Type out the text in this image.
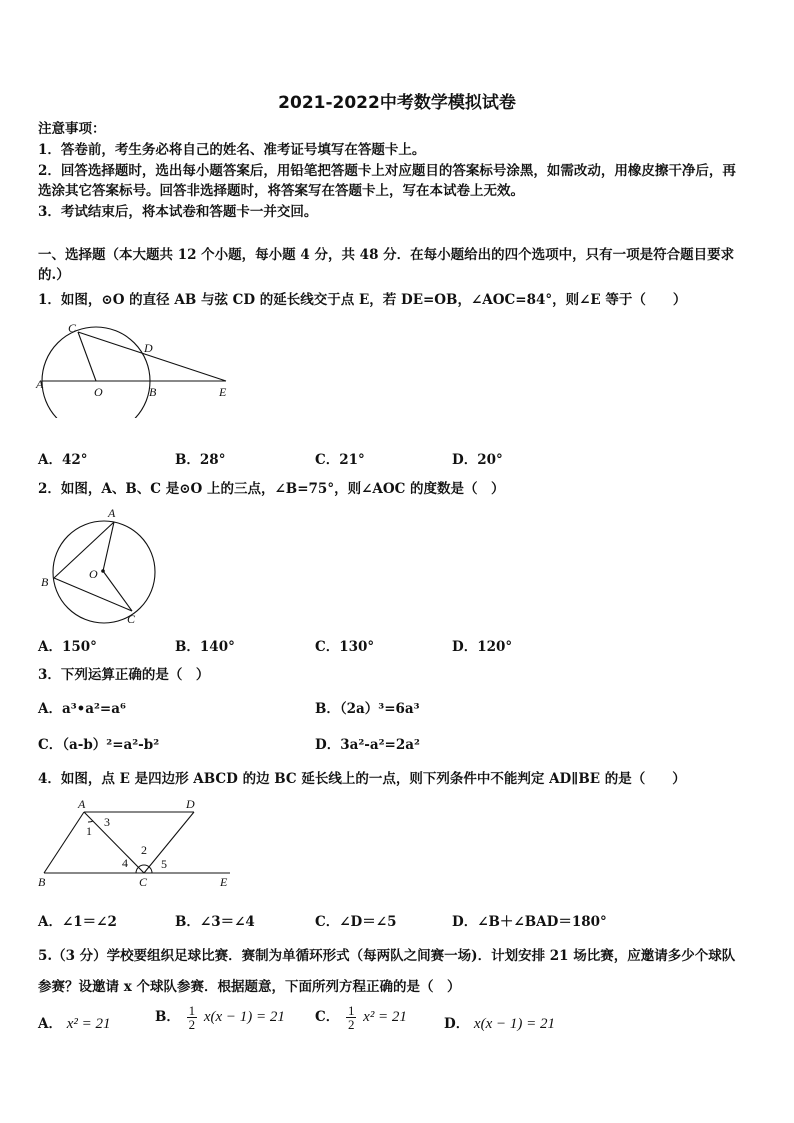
2021-2022中考数学模拟试卷
注意事项：
1．答卷前，考生务必将自己的姓名、准考证号填写在答题卡上。
2．回答选择题时，选出每小题答案后，用铅笔把答题卡上对应题目的答案标号涂黑，如需改动，用橡皮擦干净后，再
选涂其它答案标号。回答非选择题时，将答案写在答题卡上，写在本试卷上无效。
3．考试结束后，将本试卷和答题卡一并交回。
一、选择题（本大题共 12 个小题，每小题 4 分，共 48 分．在每小题给出的四个选项中，只有一项是符合题目要求
的.）
1．如图，⊙O 的直径 AB 与弦 CD 的延长线交于点 E，若 DE=OB，∠AOC=84°，则∠E 等于（　　）
C
D
A
O	B	E
A．42°	B．28°	C．21°	D．20°
2．如图，A、B、C 是⊙O 上的三点，∠B=75°，则∠AOC 的度数是（　）
A
B
O
C
A．150°	B．140°	C．130°	D．120°
3．下列运算正确的是（　）
A．a³•a²=a⁶	B．（2a）³=6a³
C．（a-b）²=a²-b²	D．3a²-a²=2a²
4．如图，点 E 是四边形 ABCD 的边 BC 延长线上的一点，则下列条件中不能判定 AD∥BE 的是（　　）
A	D
B	C	E
1
3
2
4	5
A．∠1＝∠2	B．∠3＝∠4	C．∠D＝∠5	D．∠B＋∠BAD＝180°
5.（3 分）学校要组织足球比赛．赛制为单循环形式（每两队之间赛一场)．计划安排 21 场比赛，应邀请多少个球队
参赛？设邀请 x 个球队参赛．根据题意，下面所列方程正确的是（　）
A． x² = 21	B． $\frac{1}{2} x(x - 1) = 21$ C． $\frac{1}{2} x^2 = 21$	D． x(x − 1) = 21
